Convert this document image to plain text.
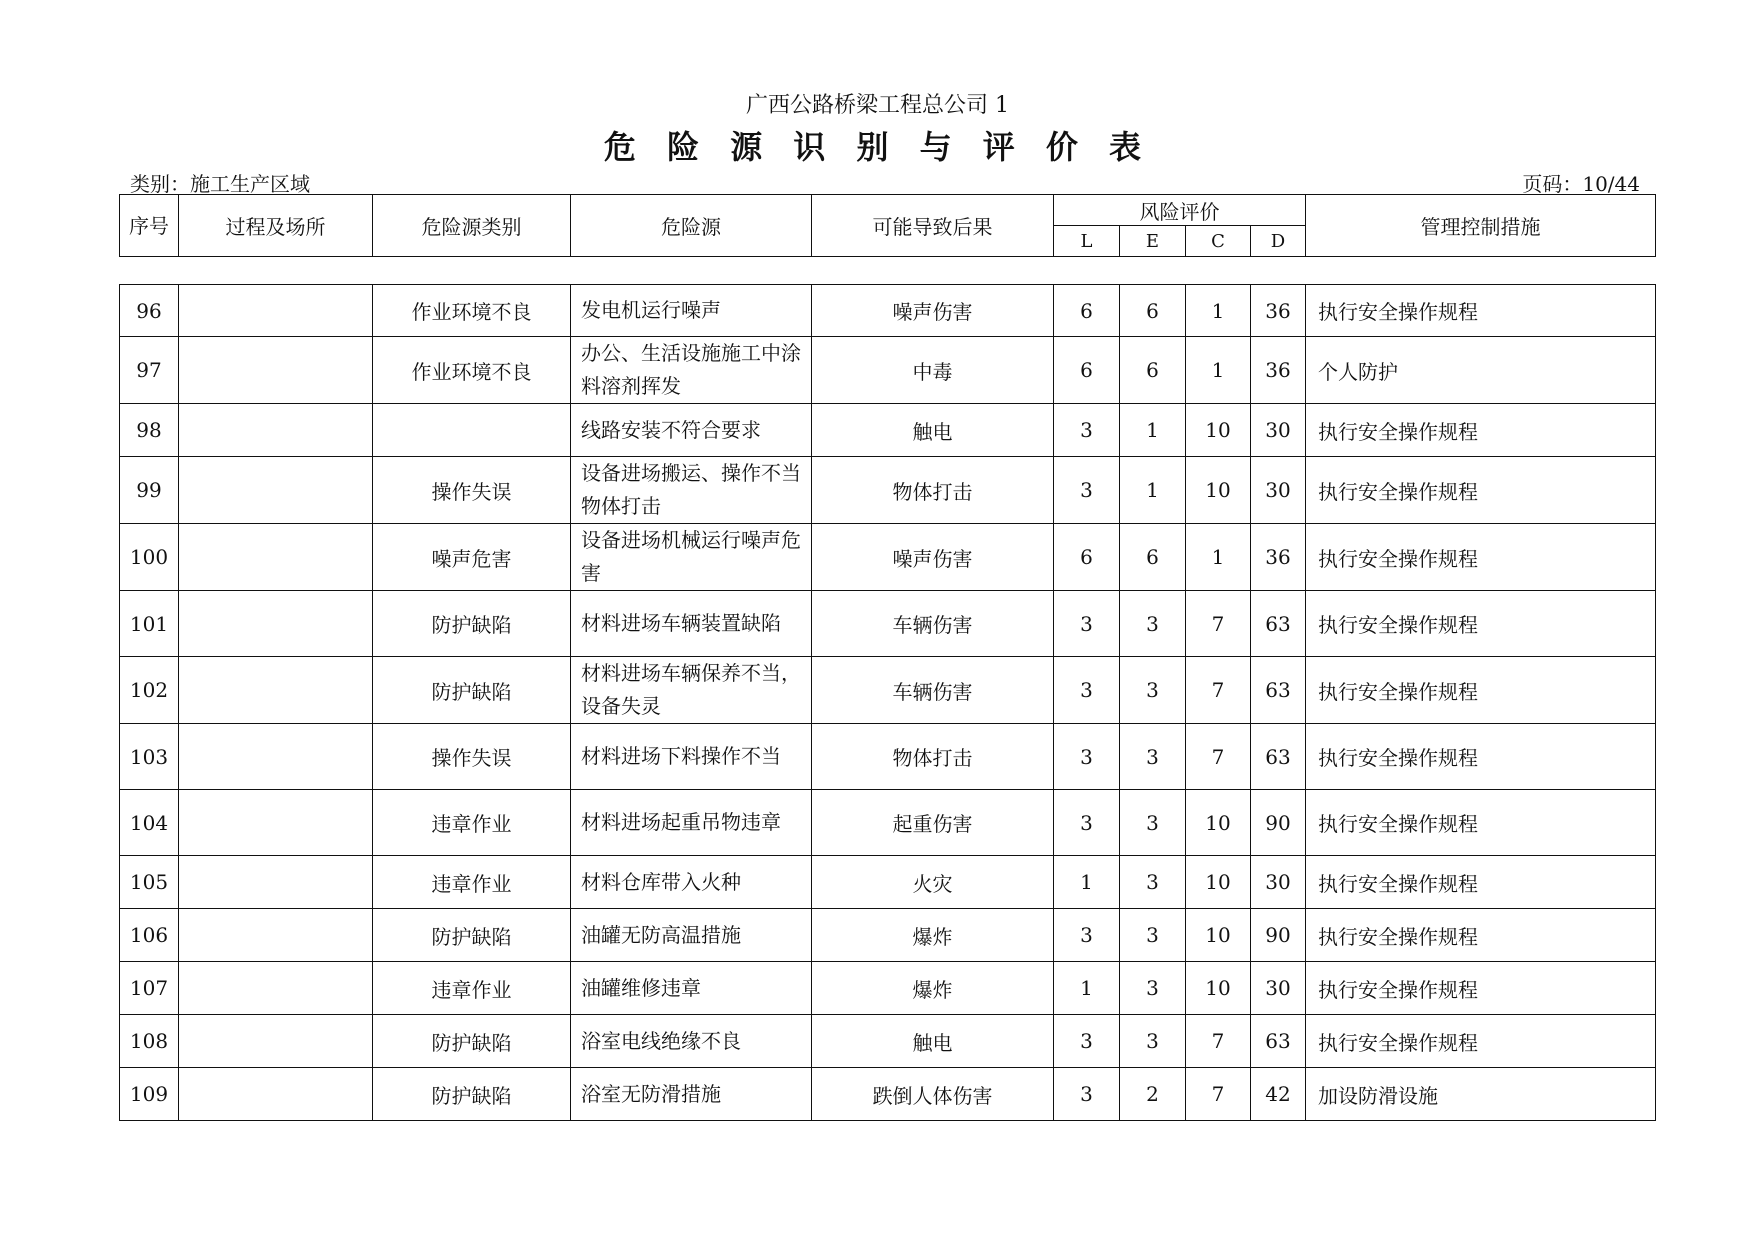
广西公路桥梁工程总公司 1
危 险 源 识 别 与 评 价 表
类别：施工生产区域	页码：10/44
序号	过程及场所	危险源类别	危险源	可能导致后果	风险评价				管理控制措施
					L	E	C	D	
96		作业环境不良	发电机运行噪声	噪声伤害	6	6	1	36	执行安全操作规程
97		作业环境不良	办公、生活设施施工中涂料溶剂挥发	中毒	6	6	1	36	个人防护
98			线路安装不符合要求	触电	3	1	10	30	执行安全操作规程
99		操作失误	设备进场搬运、操作不当物体打击	物体打击	3	1	10	30	执行安全操作规程
100		噪声危害	设备进场机械运行噪声危害	噪声伤害	6	6	1	36	执行安全操作规程
101		防护缺陷	材料进场车辆装置缺陷	车辆伤害	3	3	7	63	执行安全操作规程
102		防护缺陷	材料进场车辆保养不当，设备失灵	车辆伤害	3	3	7	63	执行安全操作规程
103		操作失误	材料进场下料操作不当	物体打击	3	3	7	63	执行安全操作规程
104		违章作业	材料进场起重吊物违章	起重伤害	3	3	10	90	执行安全操作规程
105		违章作业	材料仓库带入火种	火灾	1	3	10	30	执行安全操作规程
106		防护缺陷	油罐无防高温措施	爆炸	3	3	10	90	执行安全操作规程
107		违章作业	油罐维修违章	爆炸	1	3	10	30	执行安全操作规程
108		防护缺陷	浴室电线绝缘不良	触电	3	3	7	63	执行安全操作规程
109		防护缺陷	浴室无防滑措施	跌倒人体伤害	3	2	7	42	加设防滑设施
